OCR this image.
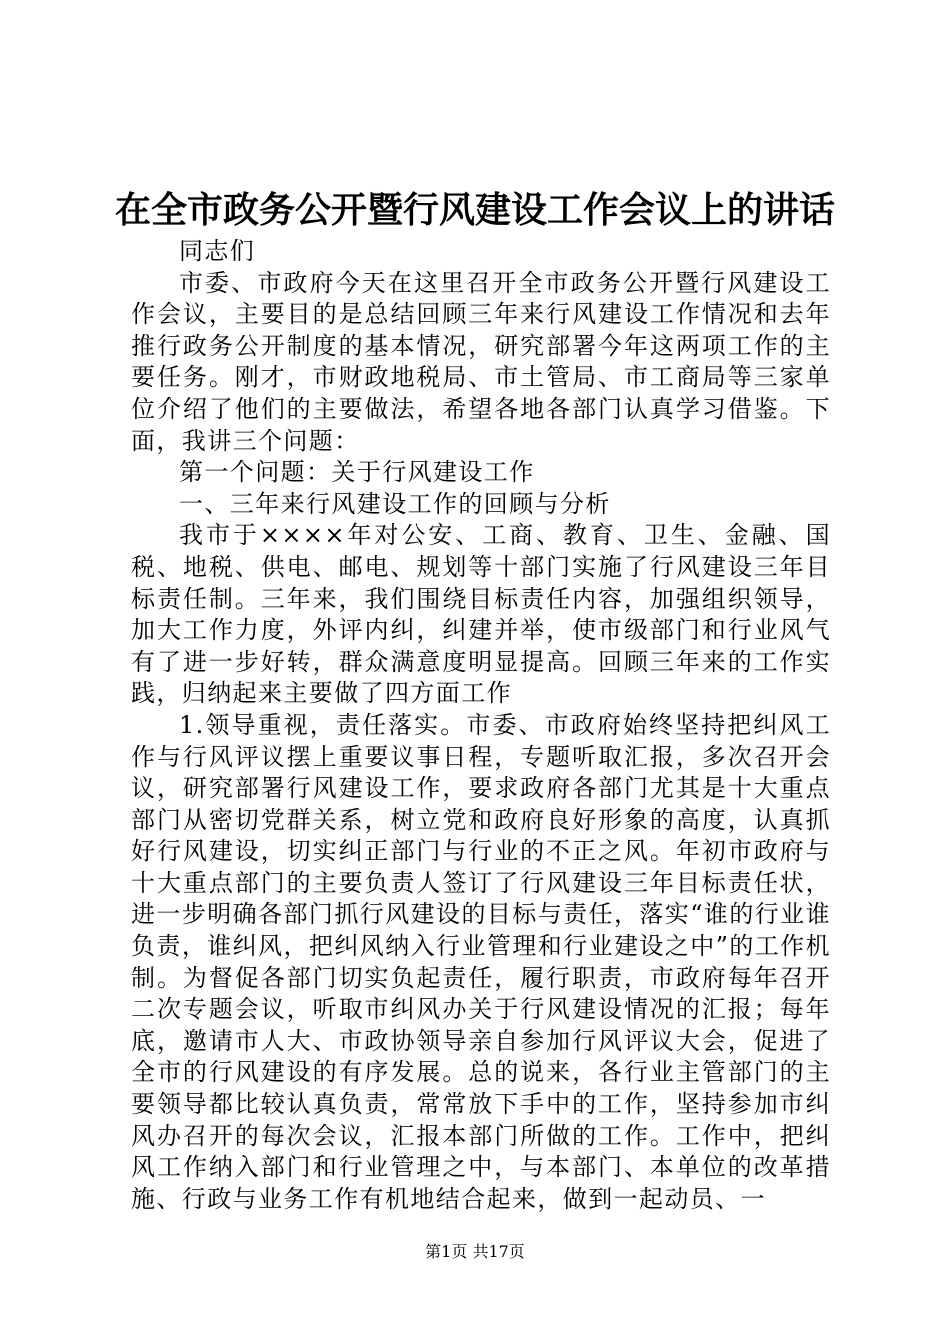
在全市政务公开暨行风建设工作会议上的讲话

同志们

市委、市政府今天在这里召开全市政务公开暨行风建设工作会议，主要目的是总结回顾三年来行风建设工作情况和去年推行政务公开制度的基本情况，研究部署今年这两项工作的主要任务。刚才，市财政地税局、市土管局、市工商局等三家单位介绍了他们的主要做法，希望各地各部门认真学习借鉴。下面，我讲三个问题：

第一个问题：关于行风建设工作

一、三年来行风建设工作的回顾与分析

我市于××××年对公安、工商、教育、卫生、金融、国税、地税、供电、邮电、规划等十部门实施了行风建设三年目标责任制。三年来，我们围绕目标责任内容，加强组织领导，加大工作力度，外评内纠，纠建并举，使市级部门和行业风气有了进一步好转，群众满意度明显提高。回顾三年来的工作实践，归纳起来主要做了四方面工作

1.领导重视，责任落实。市委、市政府始终坚持把纠风工作与行风评议摆上重要议事日程，专题听取汇报，多次召开会议，研究部署行风建设工作，要求政府各部门尤其是十大重点部门从密切党群关系，树立党和政府良好形象的高度，认真抓好行风建设，切实纠正部门与行业的不正之风。年初市政府与十大重点部门的主要负责人签订了行风建设三年目标责任状，进一步明确各部门抓行风建设的目标与责任，落实“谁的行业谁负责，谁纠风，把纠风纳入行业管理和行业建设之中”的工作机制。为督促各部门切实负起责任，履行职责，市政府每年召开二次专题会议，听取市纠风办关于行风建设情况的汇报；每年底，邀请市人大、市政协领导亲自参加行风评议大会，促进了全市的行风建设的有序发展。总的说来，各行业主管部门的主要领导都比较认真负责，常常放下手中的工作，坚持参加市纠风办召开的每次会议，汇报本部门所做的工作。工作中，把纠风工作纳入部门和行业管理之中，与本部门、本单位的改革措施、行政与业务工作有机地结合起来，做到一起动员、一

第1页 共17页
